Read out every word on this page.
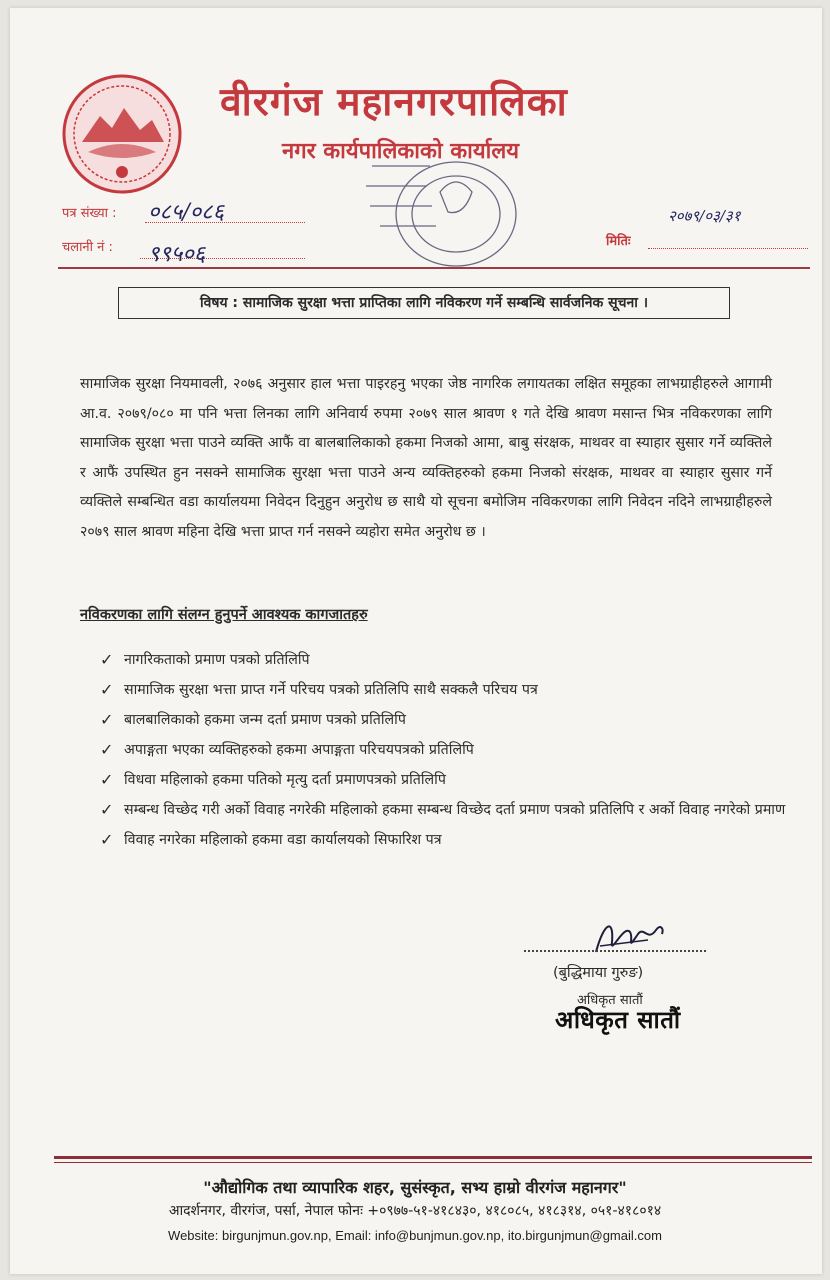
वीरगंज महानगरपालिका
नगर कार्यपालिकाको कार्यालय
पत्र संख्या : ०८५/०८६
चलानी नं : ९९५०६
मितिः
२०७९/०३/३१
विषय : सामाजिक सुरक्षा भत्ता प्राप्तिका लागि नविकरण गर्ने सम्बन्धि सार्वजनिक सूचना ।
सामाजिक सुरक्षा नियमावली, २०७६ अनुसार हाल भत्ता पाइरहनु भएका जेष्ठ नागरिक लगायतका लक्षित समूहका लाभग्राहीहरुले आगामी आ.व. २०७९/०८० मा पनि भत्ता लिनका लागि अनिवार्य रुपमा २०७९ साल श्रावण १ गते देखि श्रावण मसान्त भित्र नविकरणका लागि सामाजिक सुरक्षा भत्ता पाउने व्यक्ति आफैं वा बालबालिकाको हकमा निजको आमा, बाबु संरक्षक, माथवर वा स्याहार सुसार गर्ने व्यक्तिले र आफैं उपस्थित हुन नसक्ने सामाजिक सुरक्षा भत्ता पाउने अन्य व्यक्तिहरुको हकमा निजको संरक्षक, माथवर वा स्याहार सुसार गर्ने व्यक्तिले सम्बन्धित वडा कार्यालयमा निवेदन दिनुहुन अनुरोध छ साथै यो सूचना बमोजिम नविकरणका लागि निवेदन नदिने लाभग्राहीहरुले २०७९ साल श्रावण महिना देखि भत्ता प्राप्त गर्न नसक्ने व्यहोरा समेत अनुरोध छ ।
नविकरणका लागि संलग्न हुनुपर्ने आवश्यक कागजातहरु
✓ नागरिकताको प्रमाण पत्रको प्रतिलिपि
✓ सामाजिक सुरक्षा भत्ता प्राप्त गर्ने परिचय पत्रको प्रतिलिपि साथै सक्कलै परिचय पत्र
✓ बालबालिकाको हकमा जन्म दर्ता प्रमाण पत्रको प्रतिलिपि
✓ अपाङ्गता भएका व्यक्तिहरुको हकमा अपाङ्गता परिचयपत्रको प्रतिलिपि
✓ विधवा महिलाको हकमा पतिको मृत्यु दर्ता प्रमाणपत्रको प्रतिलिपि
✓ सम्बन्ध विच्छेद गरी अर्को विवाह नगरेकी महिलाको हकमा सम्बन्ध विच्छेद दर्ता प्रमाण पत्रको प्रतिलिपि र अर्को विवाह नगरेको प्रमाण
✓ विवाह नगरेका महिलाको हकमा वडा कार्यालयको सिफारिश पत्र
(बुद्धिमाया गुरुङ)
अधिकृत सातौं
अधिकृत सातौं
"औद्योगिक तथा व्यापारिक शहर, सुसंस्कृत, सभ्य हाम्रो वीरगंज महानगर"
आदर्शनगर, वीरगंज, पर्सा, नेपाल फोनः +०९७७-५१-४१८४३०, ४१८०८५, ४१८३१४, ०५१-४१८०१४
Website: birgunjmun.gov.np, Email: info@bunjmun.gov.np, ito.birgunjmun@gmail.com
